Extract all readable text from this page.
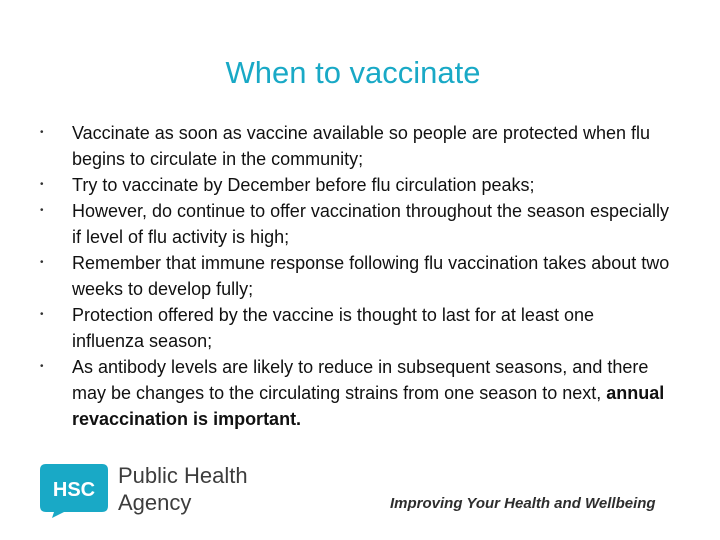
When to vaccinate
• Vaccinate as soon as vaccine available so people are protected when flu begins to circulate in the community;
• Try to vaccinate by December before flu circulation peaks;
• However, do continue to offer vaccination throughout the season especially if level of flu activity is high;
• Remember that immune response following flu vaccination takes about two weeks to develop fully;
• Protection offered by the vaccine is thought to last for at least one influenza season;
• As antibody levels are likely to reduce in subsequent seasons, and there may be changes to the circulating strains from one season to next, annual revaccination is important.
HSC
Public Health
Agency	Improving Your Health and Wellbeing
